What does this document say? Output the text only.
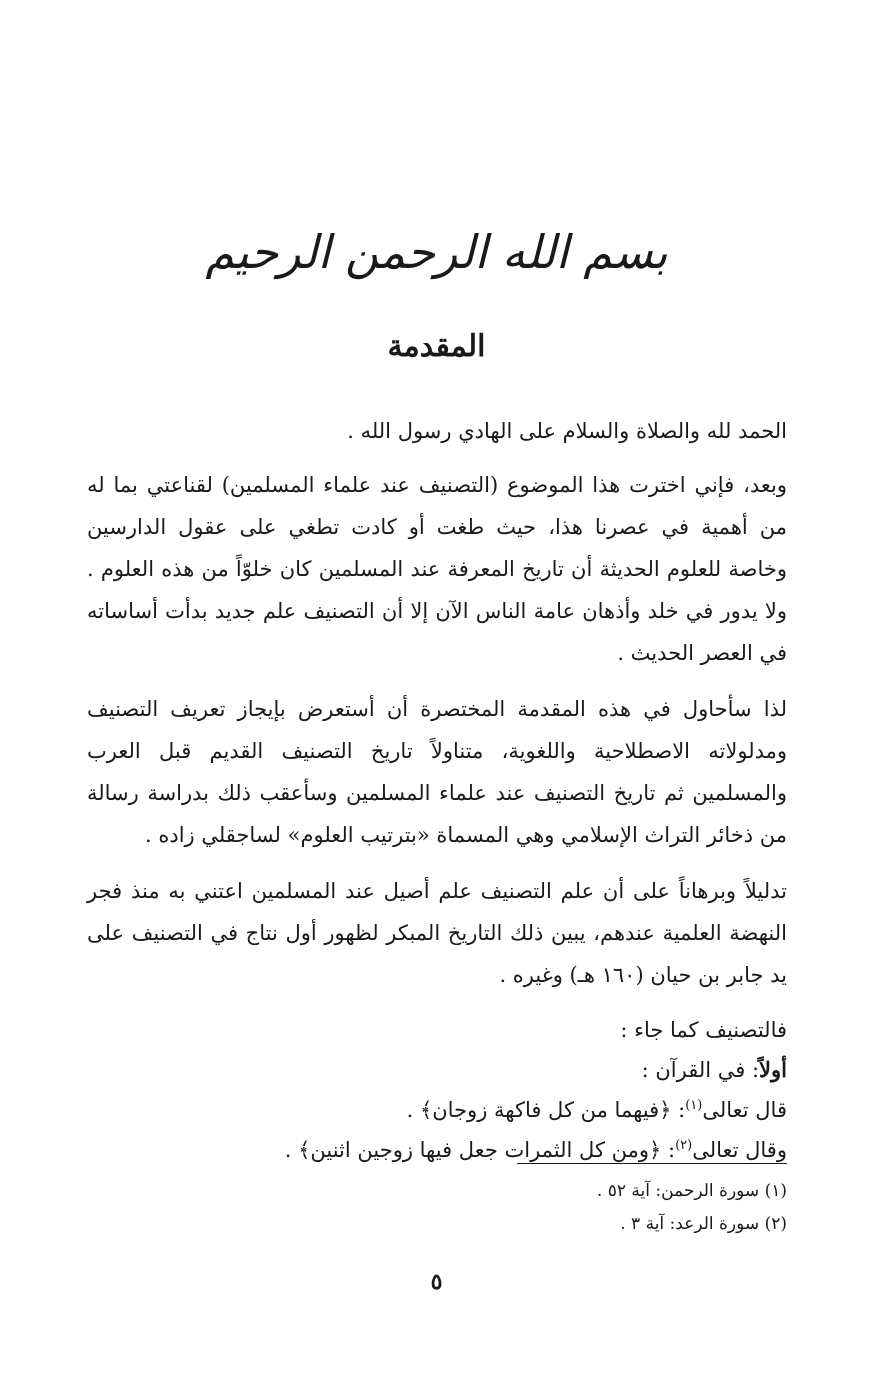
بسم الله الرحمن الرحيم
المقدمة

الحمد لله والصلاة والسلام على الهادي رسول الله .

وبعد، فإني اخترت هذا الموضوع (التصنيف عند علماء المسلمين) لقناعتي بما له من أهمية في عصرنا هذا، حيث طغت أو كادت تطغي على عقول الدارسين وخاصة للعلوم الحديثة أن تاريخ المعرفة عند المسلمين كان خلوّاً من هذه العلوم . ولا يدور في خلد وأذهان عامة الناس الآن إلا أن التصنيف علم جديد بدأت أساساته في العصر الحديث .

لذا سأحاول في هذه المقدمة المختصرة أن أستعرض بإيجاز تعريف التصنيف ومدلولاته الاصطلاحية واللغوية، متناولاً تاريخ التصنيف القديم قبل العرب والمسلمين ثم تاريخ التصنيف عند علماء المسلمين وسأعقب ذلك بدراسة رسالة من ذخائر التراث الإسلامي وهي المسماة «بترتيب العلوم» لساجقلي زاده .

تدليلاً وبرهاناً على أن علم التصنيف علم أصيل عند المسلمين اعتني به منذ فجر النهضة العلمية عندهم، يبين ذلك التاريخ المبكر لظهور أول نتاج في التصنيف على يد جابر بن حيان (١٦٠ هـ) وغيره .

فالتصنيف كما جاء :
أولاً: في القرآن :
قال تعالى$^{(١)}$: ﴿فيهما من كل فاكهة زوجان﴾ .
وقال تعالى$^{(٢)}$: ﴿ومن كل الثمرات جعل فيها زوجين اثنين﴾ .
(١) سورة الرحمن: آية ٥٢ .
(٢) سورة الرعد: آية ٣ .
٥
